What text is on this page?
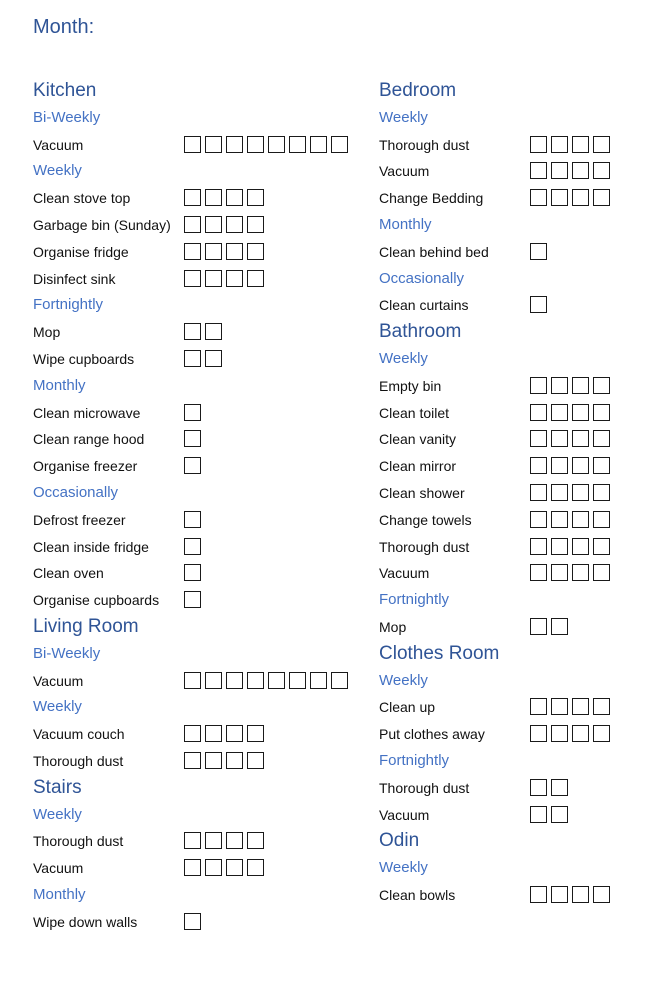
Month:
Kitchen
Bi-Weekly
Vacuum
Weekly
Clean stove top
Garbage bin (Sunday)
Organise fridge
Disinfect sink
Fortnightly
Mop
Wipe cupboards
Monthly
Clean microwave
Clean range hood
Organise freezer
Occasionally
Defrost freezer
Clean inside fridge
Clean oven
Organise cupboards
Living Room
Bi-Weekly
Vacuum
Weekly
Vacuum couch
Thorough dust
Stairs
Weekly
Thorough dust
Vacuum
Monthly
Wipe down walls
Bedroom
Weekly
Thorough dust
Vacuum
Change Bedding
Monthly
Clean behind bed
Occasionally
Clean curtains
Bathroom
Weekly
Empty bin
Clean toilet
Clean vanity
Clean mirror
Clean shower
Change towels
Thorough dust
Vacuum
Fortnightly
Mop
Clothes Room
Weekly
Clean up
Put clothes away
Fortnightly
Thorough dust
Vacuum
Odin
Weekly
Clean bowls
